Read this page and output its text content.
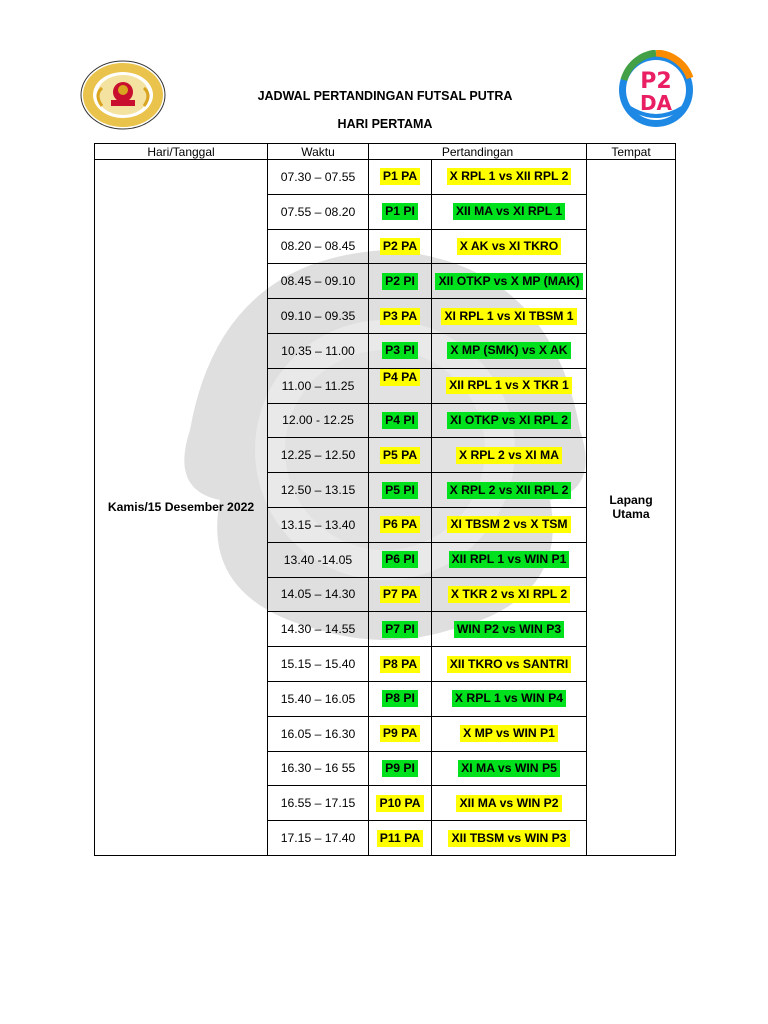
P2
DA
JADWAL PERTANDINGAN FUTSAL PUTRA
HARI PERTAMA
Hari/Tanggal	Waktu	Pertandingan		Tempat
Kamis/15 Desember 2022	07.30 – 07.55	P1 PA	X RPL 1 vs XII RPL 2	Lapang Utama
	07.55 – 08.20	P1 PI	XII MA vs XI RPL 1	
	08.20 – 08.45	P2 PA	X AK vs XI TKRO	
	08.45 – 09.10	P2 PI	XII OTKP vs X MP (MAK)	
	09.10 – 09.35	P3 PA	XI RPL 1 vs XI TBSM 1	
	10.35 – 11.00	P3 PI	X MP (SMK) vs X AK	
	11.00 – 11.25	P4 PA	XII RPL 1 vs X TKR 1	
	12.00 - 12.25	P4 PI	XI OTKP vs XI RPL 2	
	12.25 – 12.50	P5 PA	X RPL 2 vs XI MA	
	12.50 – 13.15	P5 PI	X RPL 2 vs XII RPL 2	
	13.15 – 13.40	P6 PA	XI TBSM 2 vs X TSM	
	13.40 -14.05	P6 PI	XII RPL 1 vs WIN P1	
	14.05 – 14.30	P7 PA	X TKR 2 vs XI RPL 2	
	14.30 – 14.55	P7 PI	WIN P2 vs WIN P3	
	15.15 – 15.40	P8 PA	XII TKRO vs SANTRI	
	15.40 – 16.05	P8 PI	X RPL 1 vs WIN P4	
	16.05 – 16.30	P9 PA	X MP vs WIN P1	
	16.30 – 16 55	P9 PI	XI MA vs WIN P5	
	16.55 – 17.15	P10 PA	XII MA vs WIN P2	
	17.15 – 17.40	P11 PA	XII TBSM vs WIN P3	
